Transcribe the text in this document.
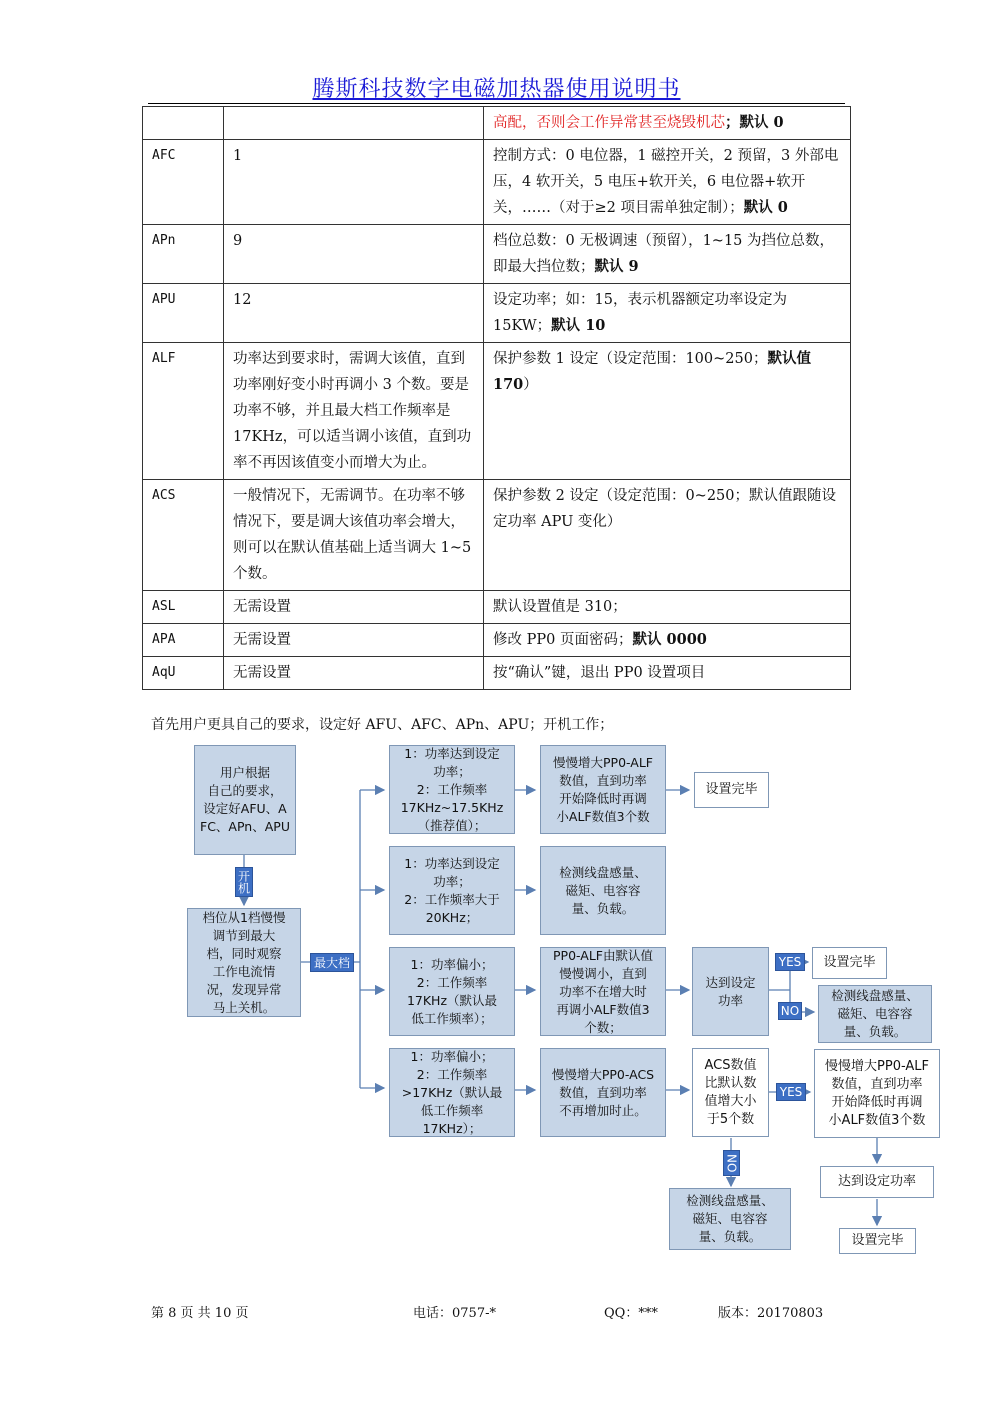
腾斯科技数字电磁加热器使用说明书
		高配，否则会工作异常甚至烧毁机芯；默认 0
AFC	1	控制方式：0 电位器，1 磁控开关，2 预留，3 外部电压，4 软开关，5 电压+软开关，6 电位器+软开关，……（对于≥2 项目需单独定制）；默认 0
APn	9	档位总数：0 无极调速（预留），1~15 为挡位总数，即最大挡位数；默认 9
APU	12	设定功率；如：15，表示机器额定功率设定为 15KW；默认 10
ALF	功率达到要求时，需调大该值，直到功率刚好变小时再调小 3 个数。要是功率不够，并且最大档工作频率是 17KHz，可以适当调小该值，直到功率不再因该值变小而增大为止。	保护参数 1 设定（设定范围：100~250；默认值 170）
ACS	一般情况下，无需调节。在功率不够情况下，要是调大该值功率会增大，则可以在默认值基础上适当调大 1~5 个数。	保护参数 2 设定（设定范围：0~250；默认值跟随设定功率 APU 变化）
ASL	无需设置	默认设置值是 310；
APA	无需设置	修改 PP0 页面密码；默认 0000
AqU	无需设置	按“确认”键，退出 PP0 设置项目
首先用户更具自己的要求，设定好 AFU、AFC、APn、APU；开机工作；
用户根据
自己的要求，
设定好AFU、A
FC、APn、APU
开机
档位从1档慢慢
调节到最大
档，同时观察
工作电流情
况，发现异常
马上关机。
最大档
1：功率达到设定
功率；
2：工作频率
17KHz~17.5KHz
（推荐值）；
1：功率达到设定
功率；
2：工作频率大于
20KHz；
1：功率偏小；
2：工作频率
17KHz（默认最
低工作频率）；
1：功率偏小；
2：工作频率
>17KHz（默认最
低工作频率
17KHz）；
慢慢增大PP0-ALF
数值，直到功率
开始降低时再调
小ALF数值3个数
检测线盘感量、
磁矩、电容容
量、负载。
PP0-ALF由默认值
慢慢调小，直到
功率不在增大时
再调小ALF数值3
个数；
慢慢增大PP0-ACS
数值，直到功率
不再增加时止。
设置完毕
达到设定
功率
ACS数值
比默认数
值增大小
于5个数
YES
NO
YES
NO
设置完毕
检测线盘感量、
磁矩、电容容
量、负载。
慢慢增大PP0-ALF
数值，直到功率
开始降低时再调
小ALF数值3个数
检测线盘感量、
磁矩、电容容
量、负载。
达到设定功率
设置完毕
第 8 页 共 10 页	电话：0757-*	QQ：***	版本：20170803
